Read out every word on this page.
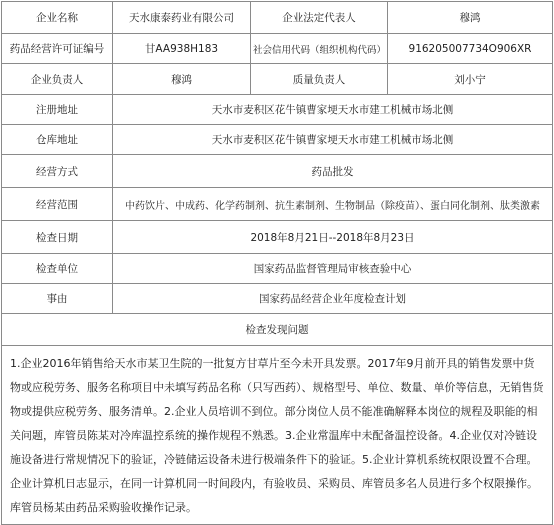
企业名称	天水康泰药业有限公司	企业法定代表人	穆鸿
药品经营许可证编号	甘AA938H183	社会信用代码（组织机构代码）	916205007734O906XR
企业负责人	穆鸿	质量负责人	刘小宁
注册地址	天水市麦积区花牛镇曹家埂天水市建工机械市场北侧		
仓库地址	天水市麦积区花牛镇曹家埂天水市建工机械市场北侧		
经营方式	药品批发		
经营范围	中药饮片、中成药、化学药制剂、抗生素制剂、生物制品（除疫苗）、蛋白同化制剂、肽类激素		
检查日期	2018年8月21日--2018年8月23日		
检查单位	国家药品监督管理局审核查验中心		
事由	国家药品经营企业年度检查计划		
检查发现问题			
1.企业2016年销售给天水市某卫生院的一批复方甘草片至今未开具发票。2017年9月前开具的销售发票中货物或应税劳务、服务名称项目中未填写药品名称（只写西药）、规格型号、单位、数量、单价等信息，无销售货物或提供应税劳务、服务清单。2.企业人员培训不到位。部分岗位人员不能准确解释本岗位的规程及职能的相关问题，库管员陈某对冷库温控系统的操作规程不熟悉。3.企业常温库中未配备温控设备。4.企业仅对冷链设施设备进行常规情况下的验证，冷链储运设备未进行极端条件下的验证。5.企业计算机系统权限设置不合理。企业计算机日志显示，在同一计算机同一时间段内，有验收员、采购员、库管员多名人员进行多个权限操作。库管员杨某由药品采购验收操作记录。			
